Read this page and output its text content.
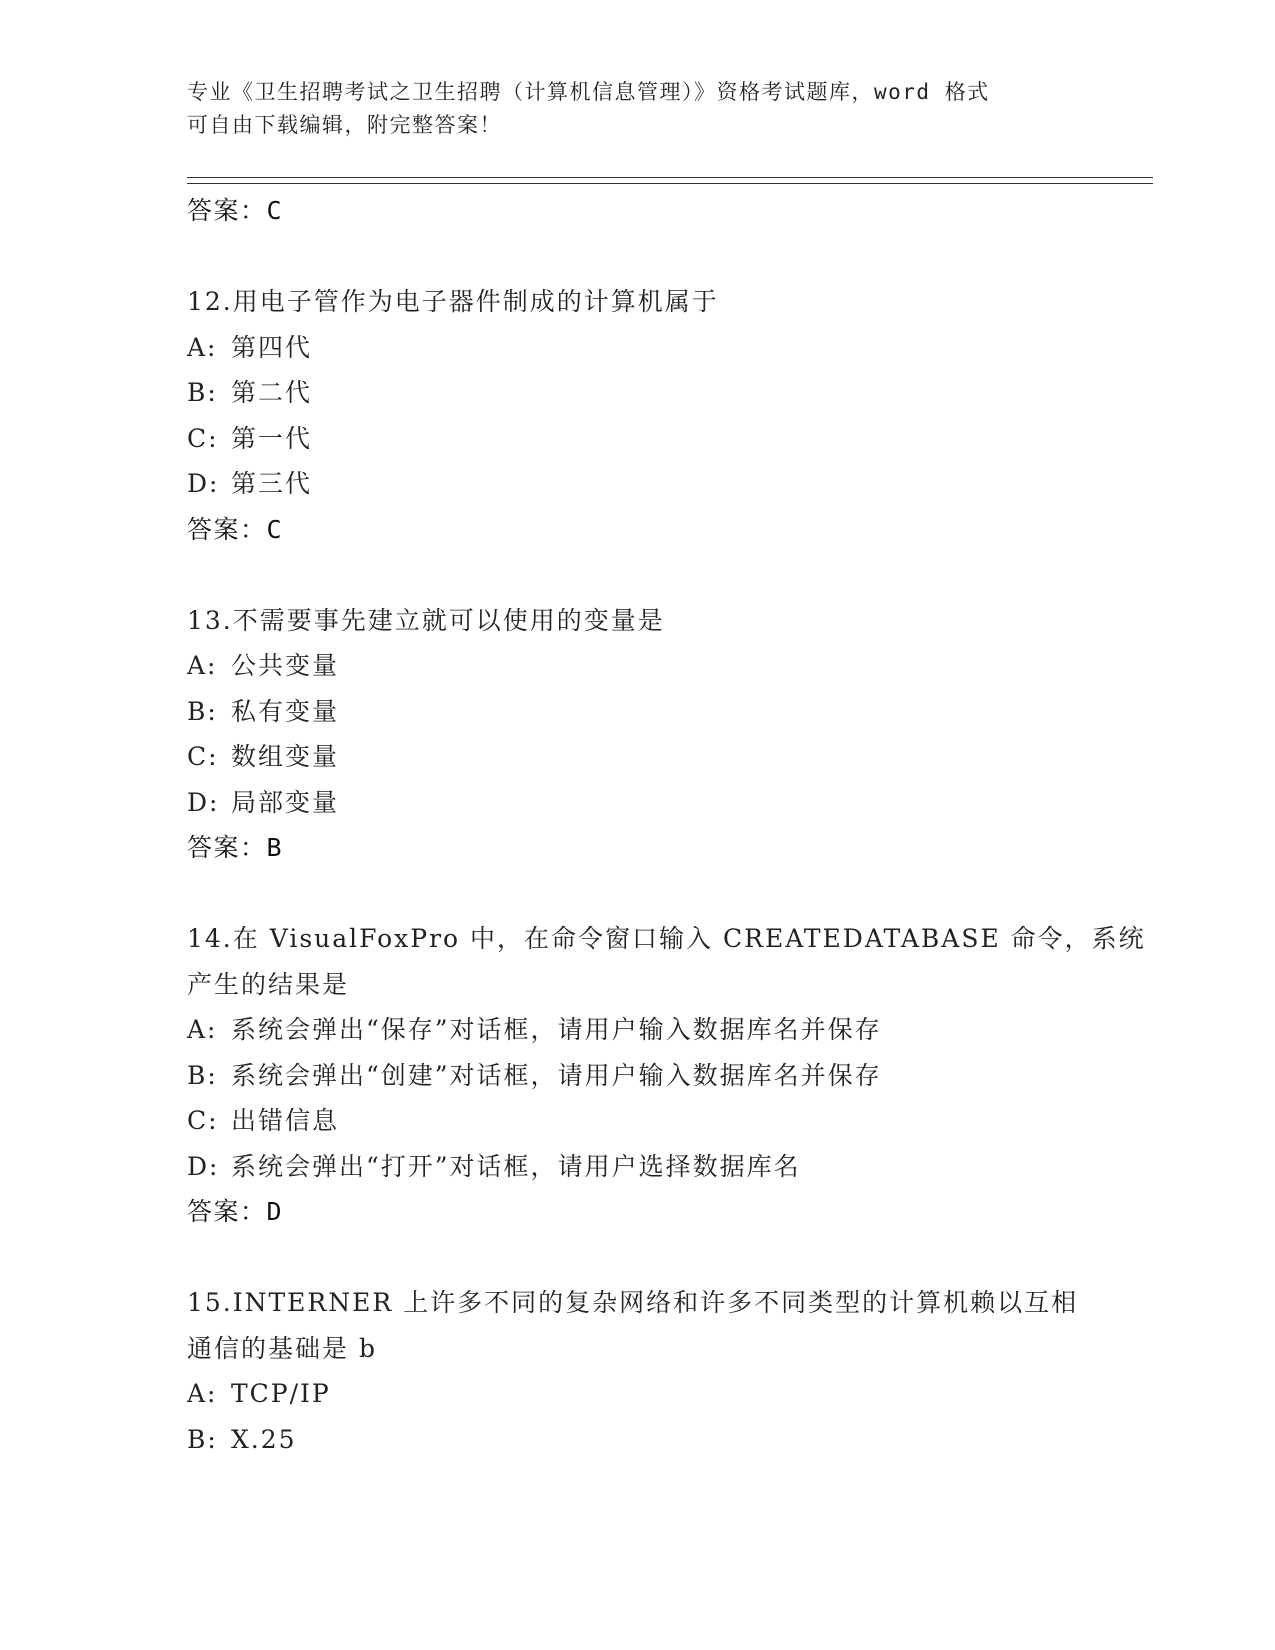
专业《卫生招聘考试之卫生招聘（计算机信息管理）》资格考试题库，word 格式
可自由下载编辑，附完整答案！
答案：C
12.用电子管作为电子器件制成的计算机属于
A: 第四代
B: 第二代
C: 第一代
D: 第三代
答案：C
13.不需要事先建立就可以使用的变量是
A: 公共变量
B: 私有变量
C: 数组变量
D: 局部变量
答案：B
14.在 VisualFoxPro 中，在命令窗口输入 CREATEDATABASE 命令，系统
产生的结果是
A: 系统会弹出“保存”对话框，请用户输入数据库名并保存
B: 系统会弹出“创建”对话框，请用户输入数据库名并保存
C: 出错信息
D: 系统会弹出“打开”对话框，请用户选择数据库名
答案：D
15.INTERNER 上许多不同的复杂网络和许多不同类型的计算机赖以互相
通信的基础是 b
A: TCP/IP
B: X.25
